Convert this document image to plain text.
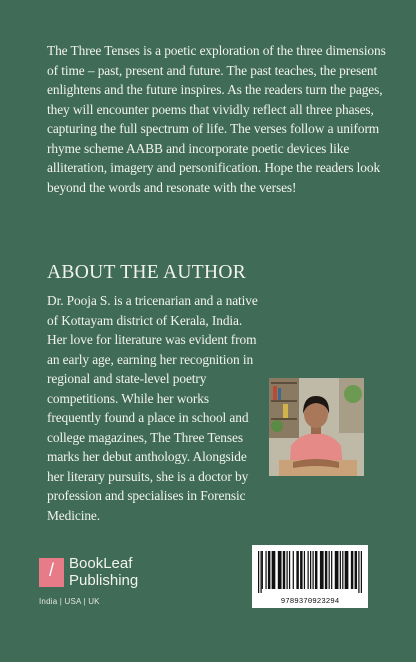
The Three Tenses is a poetic exploration of the three dimensions of time – past, present and future. The past teaches, the present enlightens and the future inspires. As the readers turn the pages, they will encounter poems that vividly reflect all three phases, capturing the full spectrum of life. The verses follow a uniform rhyme scheme AABB and incorporate poetic devices like alliteration, imagery and personification. Hope the readers look beyond the words and resonate with the verses!

ABOUT THE AUTHOR

Dr. Pooja S. is a tricenarian and a native of Kottayam district of Kerala, India. Her love for literature was evident from an early age, earning her recognition in regional and state-level poetry competitions. While her works frequently found a place in school and college magazines, The Three Tenses marks her debut anthology. Alongside her literary pursuits, she is a doctor by profession and specialises in Forensic Medicine.

/	BookLeaf
Publishing
India | USA | UK	9789370923294
